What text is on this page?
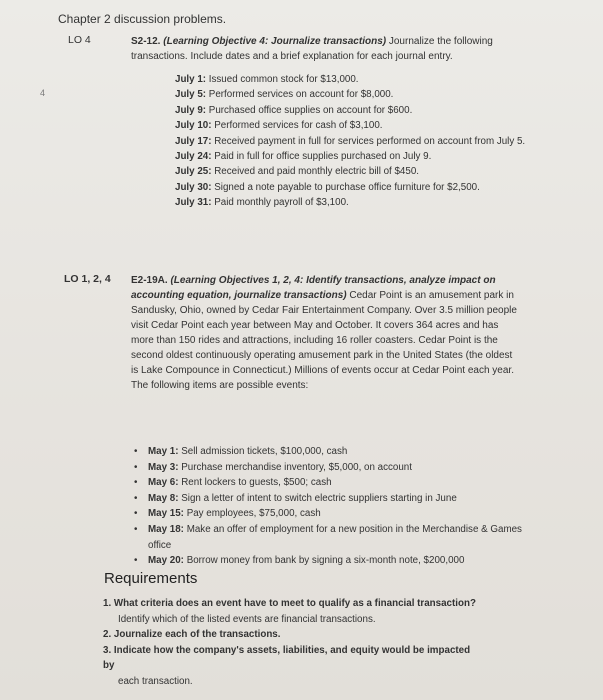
Chapter 2 discussion problems.
4
LO 4	S2-12. (Learning Objective 4: Journalize transactions) Journalize the following transactions. Include dates and a brief explanation for each journal entry.
July 1: Issued common stock for $13,000.
July 5: Performed services on account for $8,000.
July 9: Purchased office supplies on account for $600.
July 10: Performed services for cash of $3,100.
July 17: Received payment in full for services performed on account from July 5.
July 24: Paid in full for office supplies purchased on July 9.
July 25: Received and paid monthly electric bill of $450.
July 30: Signed a note payable to purchase office furniture for $2,500.
July 31: Paid monthly payroll of $3,100.
LO 1, 2, 4 E2-19A. (Learning Objectives 1, 2, 4: Identify transactions, analyze impact on accounting equation, journalize transactions) Cedar Point is an amusement park in Sandusky, Ohio, owned by Cedar Fair Entertainment Company. Over 3.5 million people visit Cedar Point each year between May and October. It covers 364 acres and has more than 150 rides and attractions, including 16 roller coasters. Cedar Point is the second oldest continuously operating amusement park in the United States (the oldest is Lake Compounce in Connecticut.) Millions of events occur at Cedar Point each year. The following items are possible events:
• May 1: Sell admission tickets, $100,000, cash
• May 3: Purchase merchandise inventory, $5,000, on account
• May 6: Rent lockers to guests, $500; cash
• May 8: Sign a letter of intent to switch electric suppliers starting in June
• May 15: Pay employees, $75,000, cash
• May 18: Make an offer of employment for a new position in the Merchandise & Games office
• May 20: Borrow money from bank by signing a six-month note, $200,000
Requirements
1. What criteria does an event have to meet to qualify as a financial transaction?
Identify which of the listed events are financial transactions.
2. Journalize each of the transactions.
3. Indicate how the company's assets, liabilities, and equity would be impacted by
each transaction.
